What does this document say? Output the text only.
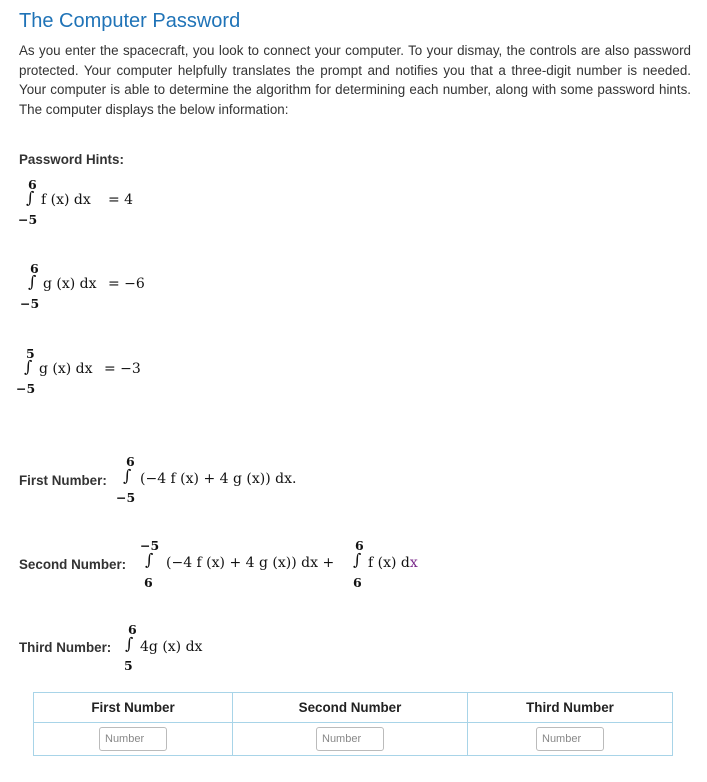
The Computer Password

As you enter the spacecraft, you look to connect your computer. To your dismay, the controls are also password protected. Your computer helpfully translates the prompt and notifies you that a three-digit number is needed. Your computer is able to determine the algorithm for determining each number, along with some password hints. The computer displays the below information:

Password Hints:
6
∫
−5
f (x) dx = 4
6
∫
−5
g (x) dx = −6
5
∫
−5
g (x) dx = −3
First Number:
6
∫
−5
(−4 f (x) + 4 g (x)) dx.
Second Number:
−5
∫
6
(−4 f (x) + 4 g (x)) dx +
6
∫
6
f (x) dx
Third Number:
6
∫
5
4g (x) dx
First Number	Second Number	Third Number
Number	Number	Number
